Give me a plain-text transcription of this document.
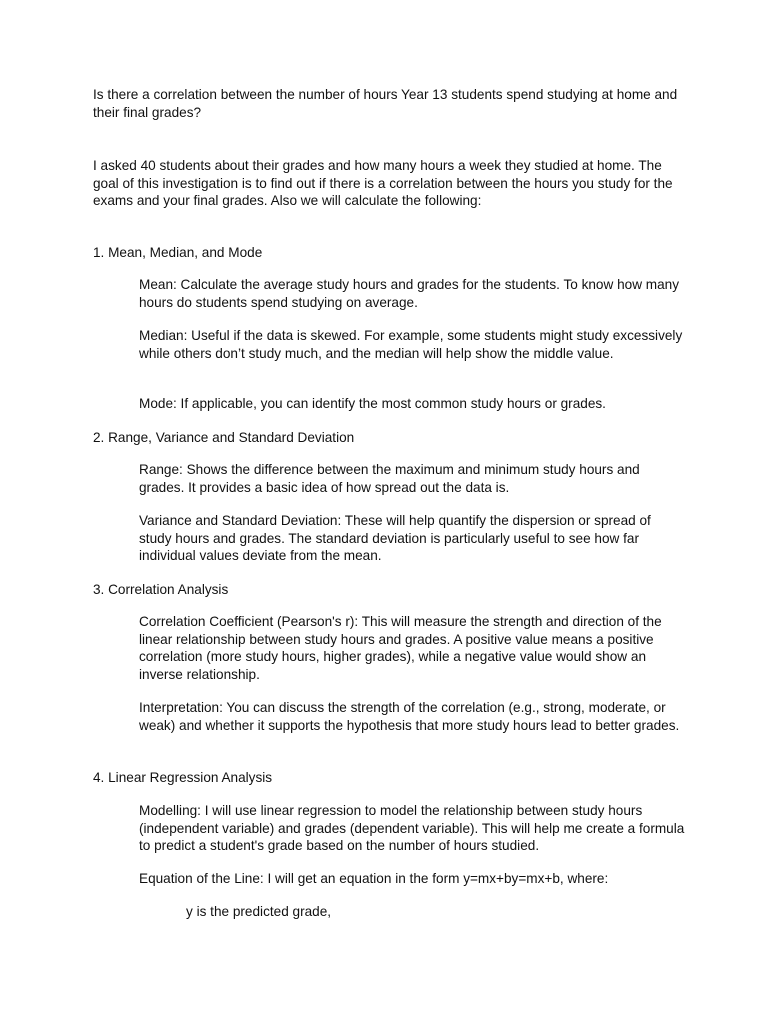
Is there a correlation between the number of hours Year 13 students spend studying at home and their final grades?

I asked 40 students about their grades and how many hours a week they studied at home. The goal of this investigation is to find out if there is a correlation between the hours you study for the exams and your final grades. Also we will calculate the following:

1. Mean, Median, and Mode

Mean: Calculate the average study hours and grades for the students. To know how many hours do students spend studying on average.

Median: Useful if the data is skewed. For example, some students might study excessively while others don’t study much, and the median will help show the middle value.

Mode: If applicable, you can identify the most common study hours or grades.

2. Range, Variance and Standard Deviation

Range: Shows the difference between the maximum and minimum study hours and grades. It provides a basic idea of how spread out the data is.

Variance and Standard Deviation: These will help quantify the dispersion or spread of study hours and grades. The standard deviation is particularly useful to see how far individual values deviate from the mean.

3. Correlation Analysis

Correlation Coefficient (Pearson's r): This will measure the strength and direction of the linear relationship between study hours and grades. A positive value means a positive correlation (more study hours, higher grades), while a negative value would show an inverse relationship.

Interpretation: You can discuss the strength of the correlation (e.g., strong, moderate, or weak) and whether it supports the hypothesis that more study hours lead to better grades.

4. Linear Regression Analysis

Modelling: I will use linear regression to model the relationship between study hours (independent variable) and grades (dependent variable). This will help me create a formula to predict a student's grade based on the number of hours studied.

Equation of the Line: I will get an equation in the form y=mx+by=mx+b, where:

y is the predicted grade,
